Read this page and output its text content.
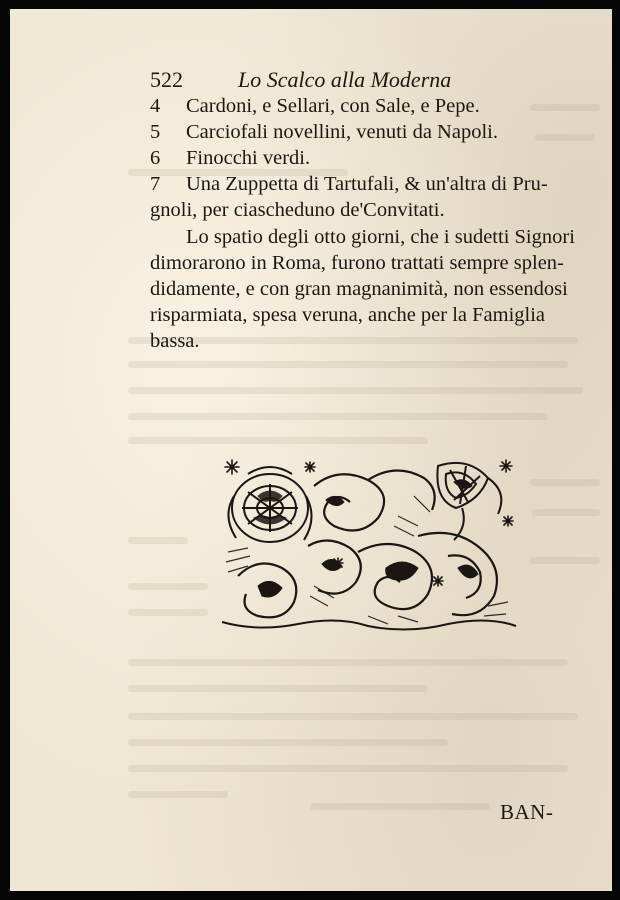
522	Lo Scalco alla Moderna
4 Cardoni, e Sellari, con Sale, e Pepe.
5 Carciofali novellini, venuti da Napoli.
6 Finocchi verdi.
7 Una Zuppetta di Tartufali, & un'altra di Pru-
gnoli, per ciascheduno de'Convitati.
Lo spatio degli otto giorni, che i sudetti Signori
dimorarono in Roma, furono trattati sempre splen-
didamente, e con gran magnanimità, non essendosi
risparmiata, spesa veruna, anche per la Famiglia
bassa.
BAN-
